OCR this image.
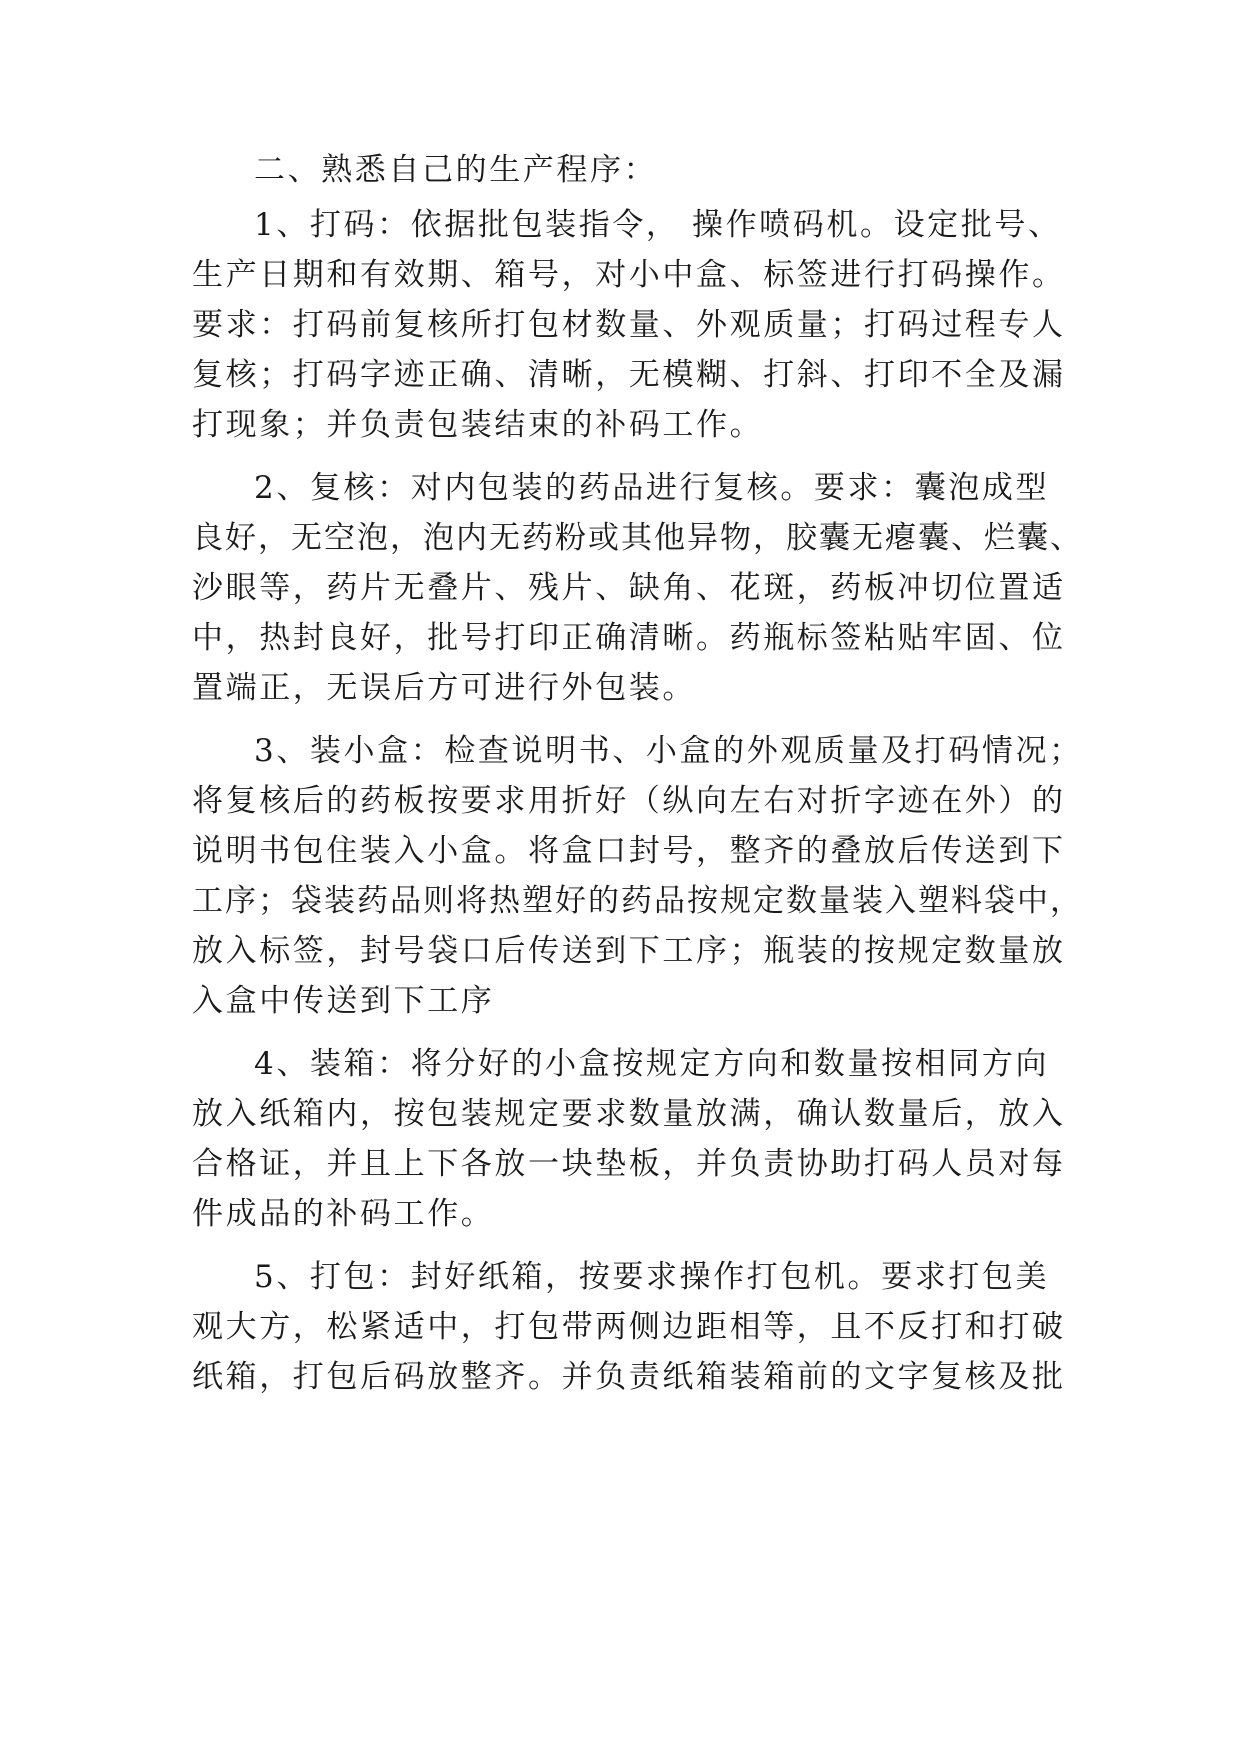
二、熟悉自己的生产程序：

1、打码：依据批包装指令， 操作喷码机。设定批号、

生产日期和有效期、箱号，对小中盒、标签进行打码操作。

要求：打码前复核所打包材数量、外观质量；打码过程专人

复核；打码字迹正确、清晰，无模糊、打斜、打印不全及漏

打现象；并负责包装结束的补码工作。

2、复核：对内包装的药品进行复核。要求：囊泡成型

良好，无空泡，泡内无药粉或其他异物，胶囊无瘪囊、烂囊、

沙眼等，药片无叠片、残片、缺角、花斑，药板冲切位置适

中，热封良好，批号打印正确清晰。药瓶标签粘贴牢固、位

置端正，无误后方可进行外包装。

3、装小盒：检查说明书、小盒的外观质量及打码情况；

将复核后的药板按要求用折好（纵向左右对折字迹在外）的

说明书包住装入小盒。将盒口封号，整齐的叠放后传送到下

工序；袋装药品则将热塑好的药品按规定数量装入塑料袋中，

放入标签，封号袋口后传送到下工序；瓶装的按规定数量放

入盒中传送到下工序

4、装箱：将分好的小盒按规定方向和数量按相同方向

放入纸箱内，按包装规定要求数量放满，确认数量后，放入

合格证，并且上下各放一块垫板，并负责协助打码人员对每

件成品的补码工作。

5、打包：封好纸箱，按要求操作打包机。要求打包美

观大方，松紧适中，打包带两侧边距相等，且不反打和打破

纸箱，打包后码放整齐。并负责纸箱装箱前的文字复核及批
